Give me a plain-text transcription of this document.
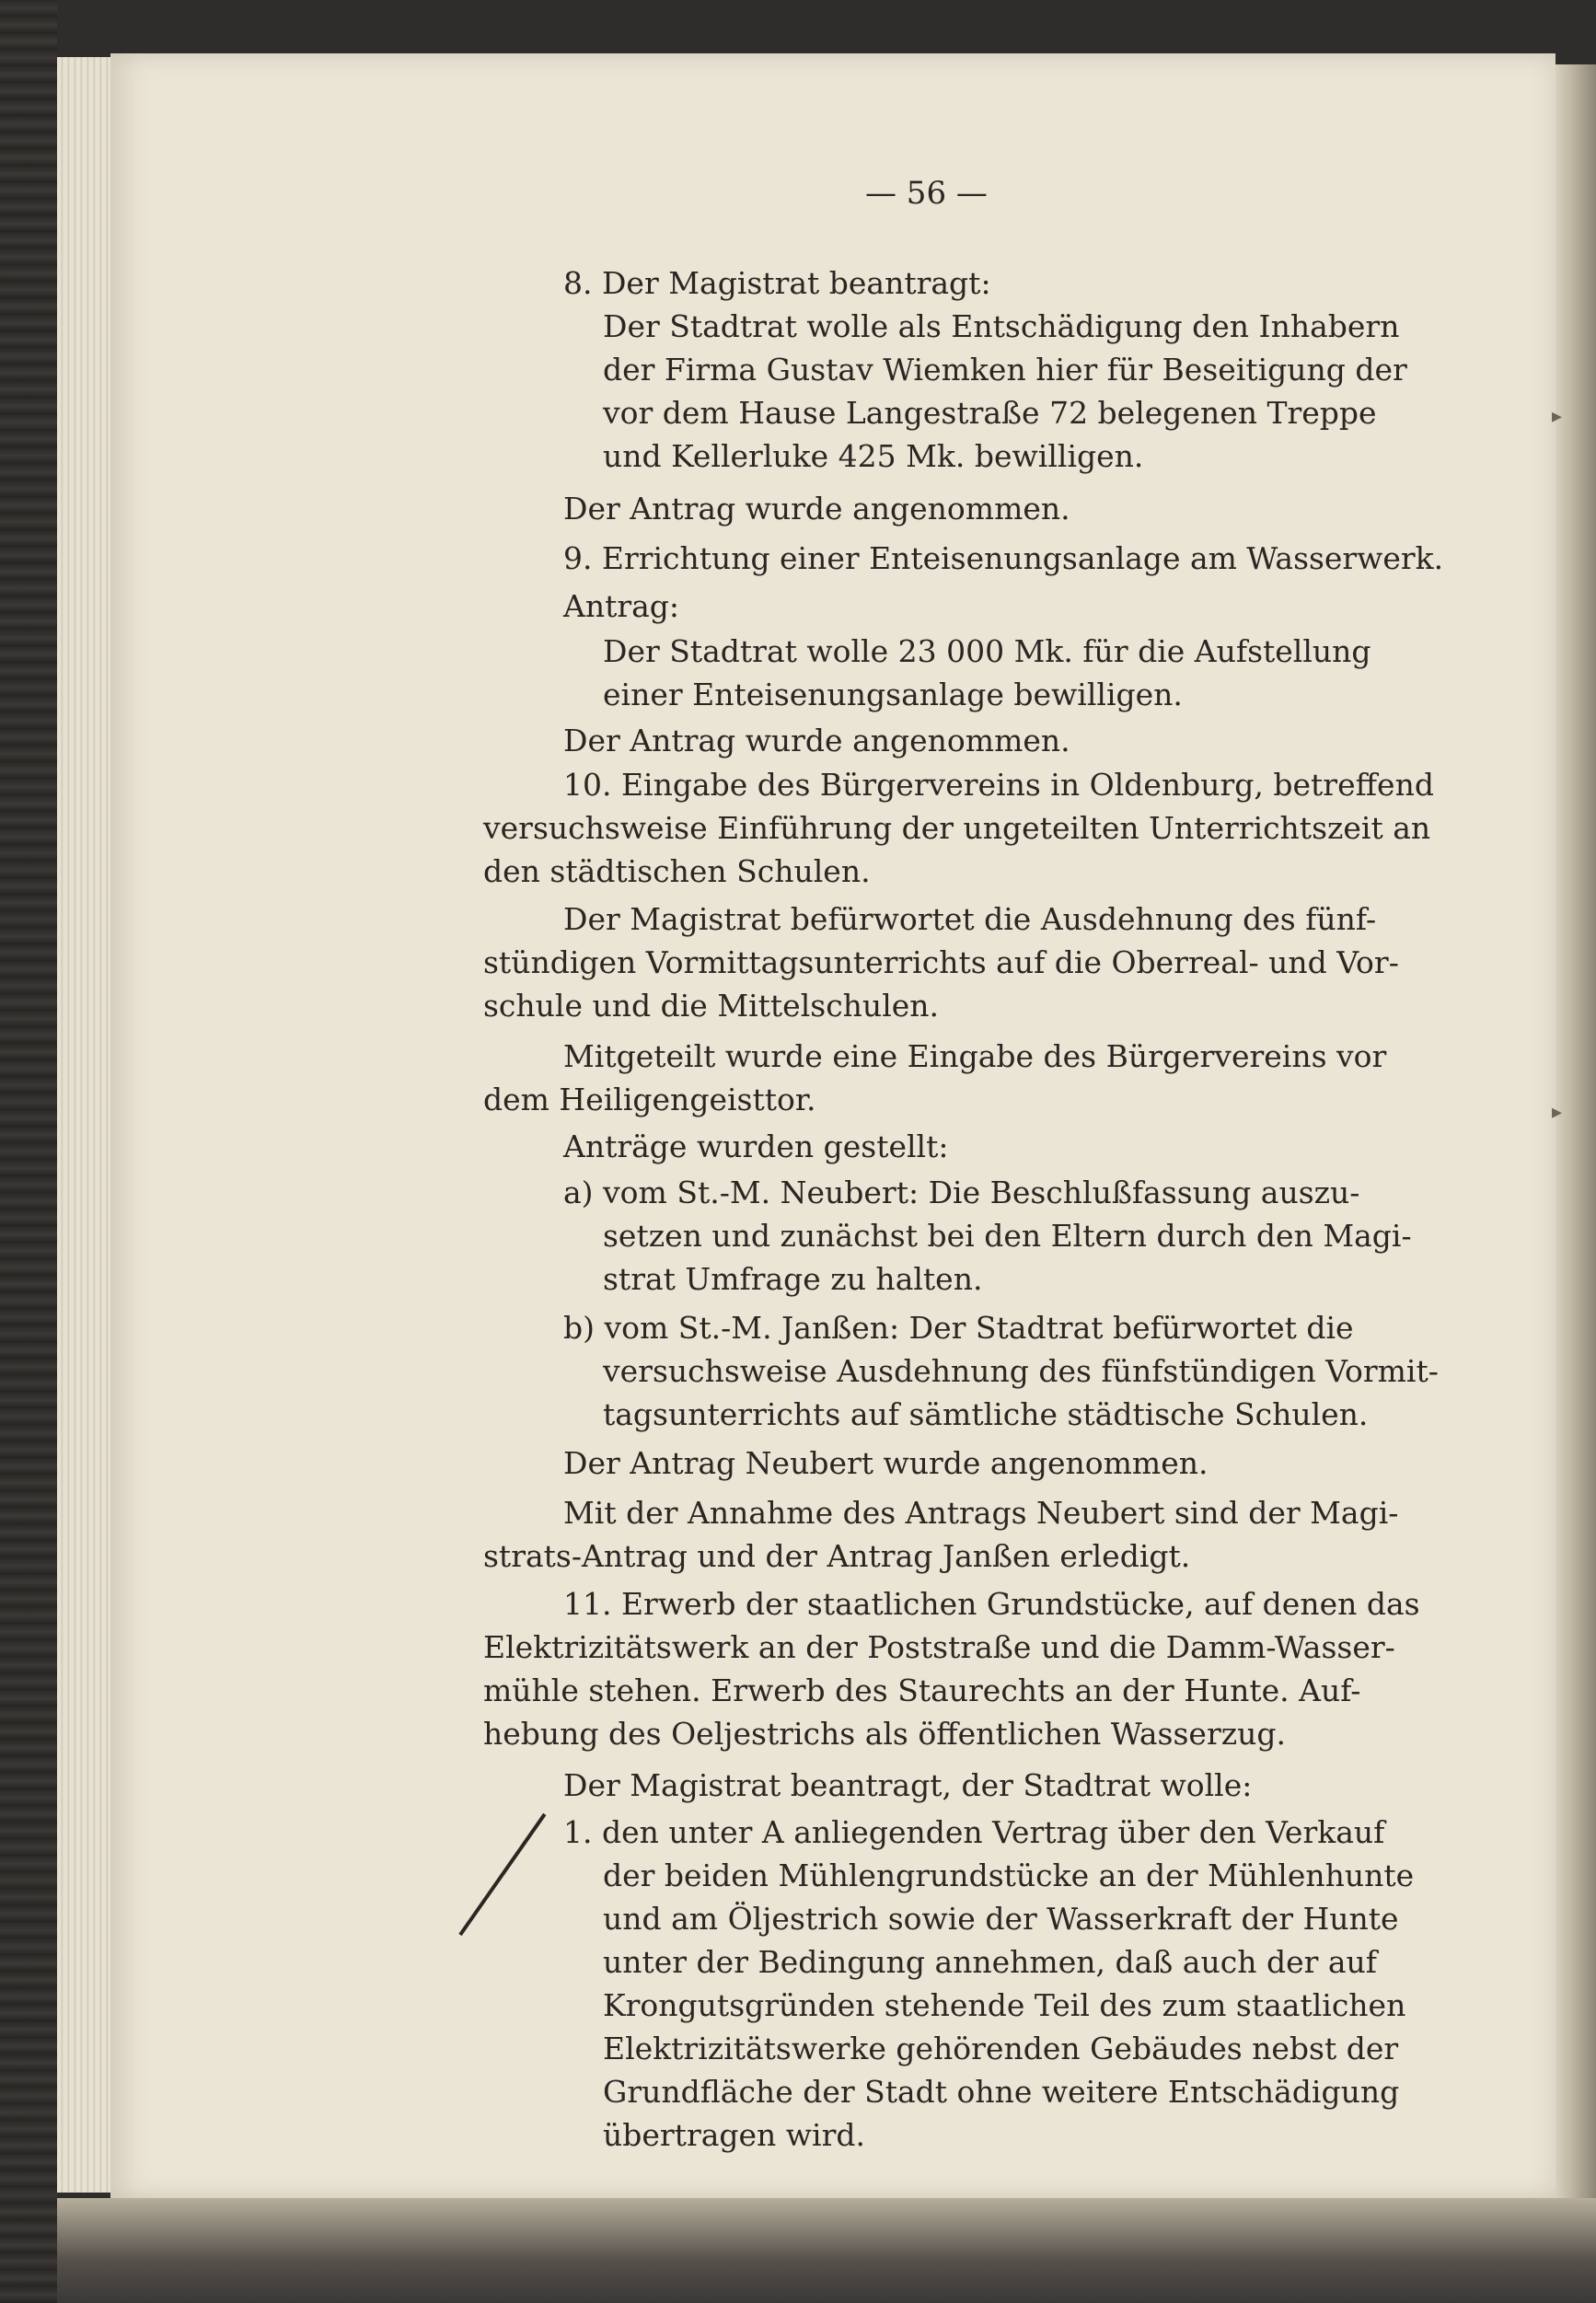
▸
▸
— 56 —
8. Der Magistrat beantragt:
Der Stadtrat wolle als Entschädigung den Inhabern
der Firma Gustav Wiemken hier für Beseitigung der
vor dem Hause Langestraße 72 belegenen Treppe
und Kellerluke 425 Mk. bewilligen.
Der Antrag wurde angenommen.
9. Errichtung einer Enteisenungsanlage am Wasserwerk.
Antrag:
Der Stadtrat wolle 23 000 Mk. für die Aufstellung
einer Enteisenungsanlage bewilligen.
Der Antrag wurde angenommen.
10. Eingabe des Bürgervereins in Oldenburg, betreffend
versuchsweise Einführung der ungeteilten Unterrichtszeit an
den städtischen Schulen.
Der Magistrat befürwortet die Ausdehnung des fünf-
stündigen Vormittagsunterrichts auf die Oberreal- und Vor-
schule und die Mittelschulen.
Mitgeteilt wurde eine Eingabe des Bürgervereins vor
dem Heiligengeisttor.
Anträge wurden gestellt:
a) vom St.-M. Neubert: Die Beschlußfassung auszu-
setzen und zunächst bei den Eltern durch den Magi-
strat Umfrage zu halten.
b) vom St.-M. Janßen: Der Stadtrat befürwortet die
versuchsweise Ausdehnung des fünfstündigen Vormit-
tagsunterrichts auf sämtliche städtische Schulen.
Der Antrag Neubert wurde angenommen.
Mit der Annahme des Antrags Neubert sind der Magi-
strats-Antrag und der Antrag Janßen erledigt.
11. Erwerb der staatlichen Grundstücke, auf denen das
Elektrizitätswerk an der Poststraße und die Damm-Wasser-
mühle stehen. Erwerb des Staurechts an der Hunte. Auf-
hebung des Oeljestrichs als öffentlichen Wasserzug.
Der Magistrat beantragt, der Stadtrat wolle:
1. den unter A anliegenden Vertrag über den Verkauf
der beiden Mühlengrundstücke an der Mühlenhunte
und am Öljestrich sowie der Wasserkraft der Hunte
unter der Bedingung annehmen, daß auch der auf
Krongutsgründen stehende Teil des zum staatlichen
Elektrizitätswerke gehörenden Gebäudes nebst der
Grundfläche der Stadt ohne weitere Entschädigung
übertragen wird.
